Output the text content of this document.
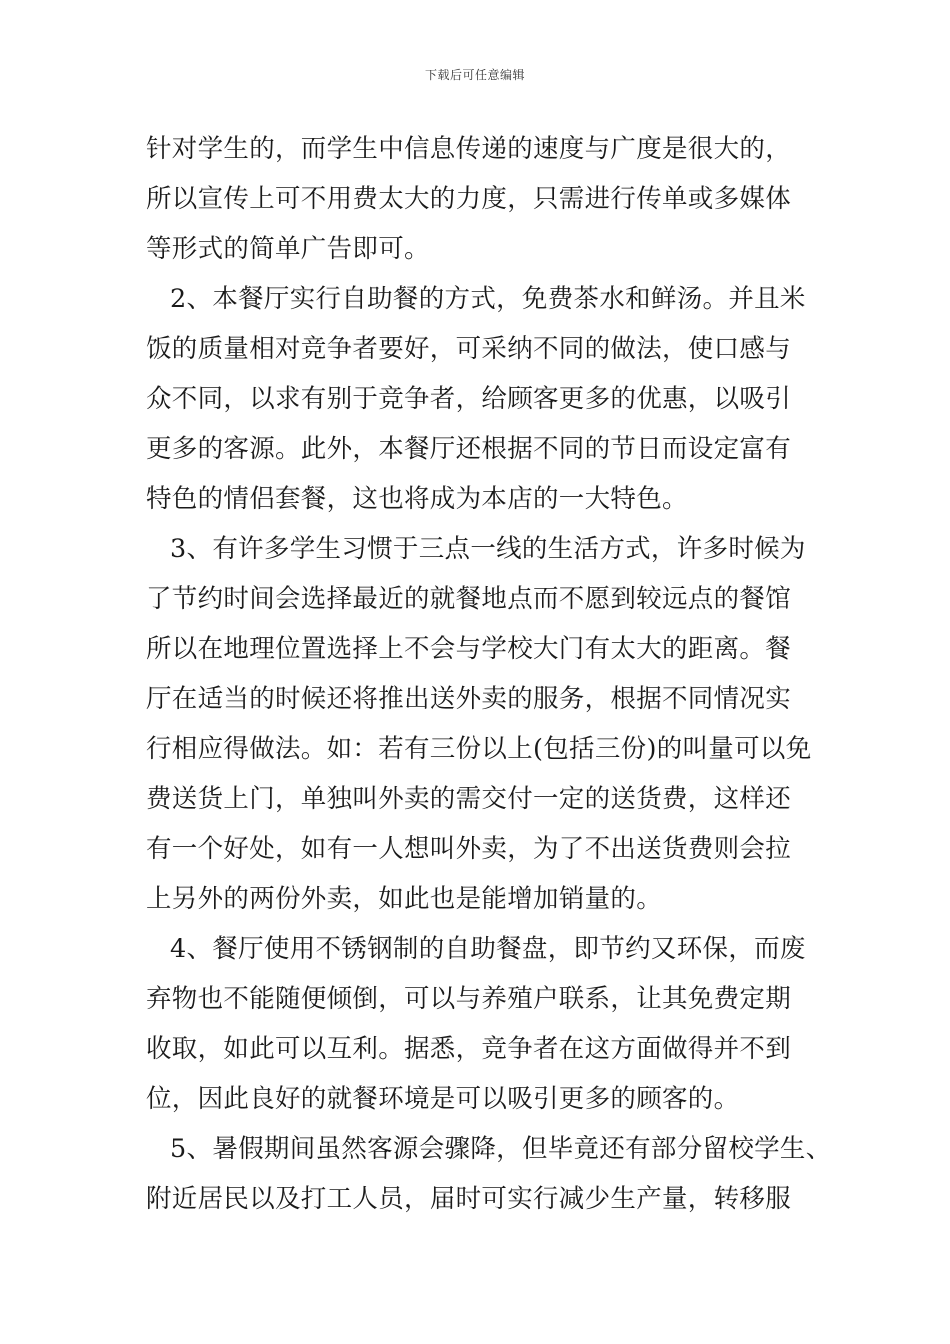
下载后可任意编辑
针对学生的，而学生中信息传递的速度与广度是很大的，
所以宣传上可不用费太大的力度，只需进行传单或多媒体
等形式的简单广告即可。
2、本餐厅实行自助餐的方式，免费茶水和鲜汤。并且米
饭的质量相对竞争者要好，可采纳不同的做法，使口感与
众不同，以求有别于竞争者，给顾客更多的优惠，以吸引
更多的客源。此外，本餐厅还根据不同的节日而设定富有
特色的情侣套餐，这也将成为本店的一大特色。
3、有许多学生习惯于三点一线的生活方式，许多时候为
了节约时间会选择最近的就餐地点而不愿到较远点的餐馆
所以在地理位置选择上不会与学校大门有太大的距离。餐
厅在适当的时候还将推出送外卖的服务，根据不同情况实
行相应得做法。如：若有三份以上(包括三份)的叫量可以免
费送货上门，单独叫外卖的需交付一定的送货费，这样还
有一个好处，如有一人想叫外卖，为了不出送货费则会拉
上另外的两份外卖，如此也是能增加销量的。
4、餐厅使用不锈钢制的自助餐盘，即节约又环保，而废
弃物也不能随便倾倒，可以与养殖户联系，让其免费定期
收取，如此可以互利。据悉，竞争者在这方面做得并不到
位，因此良好的就餐环境是可以吸引更多的顾客的。
5、暑假期间虽然客源会骤降，但毕竟还有部分留校学生、
附近居民以及打工人员，届时可实行减少生产量，转移服
